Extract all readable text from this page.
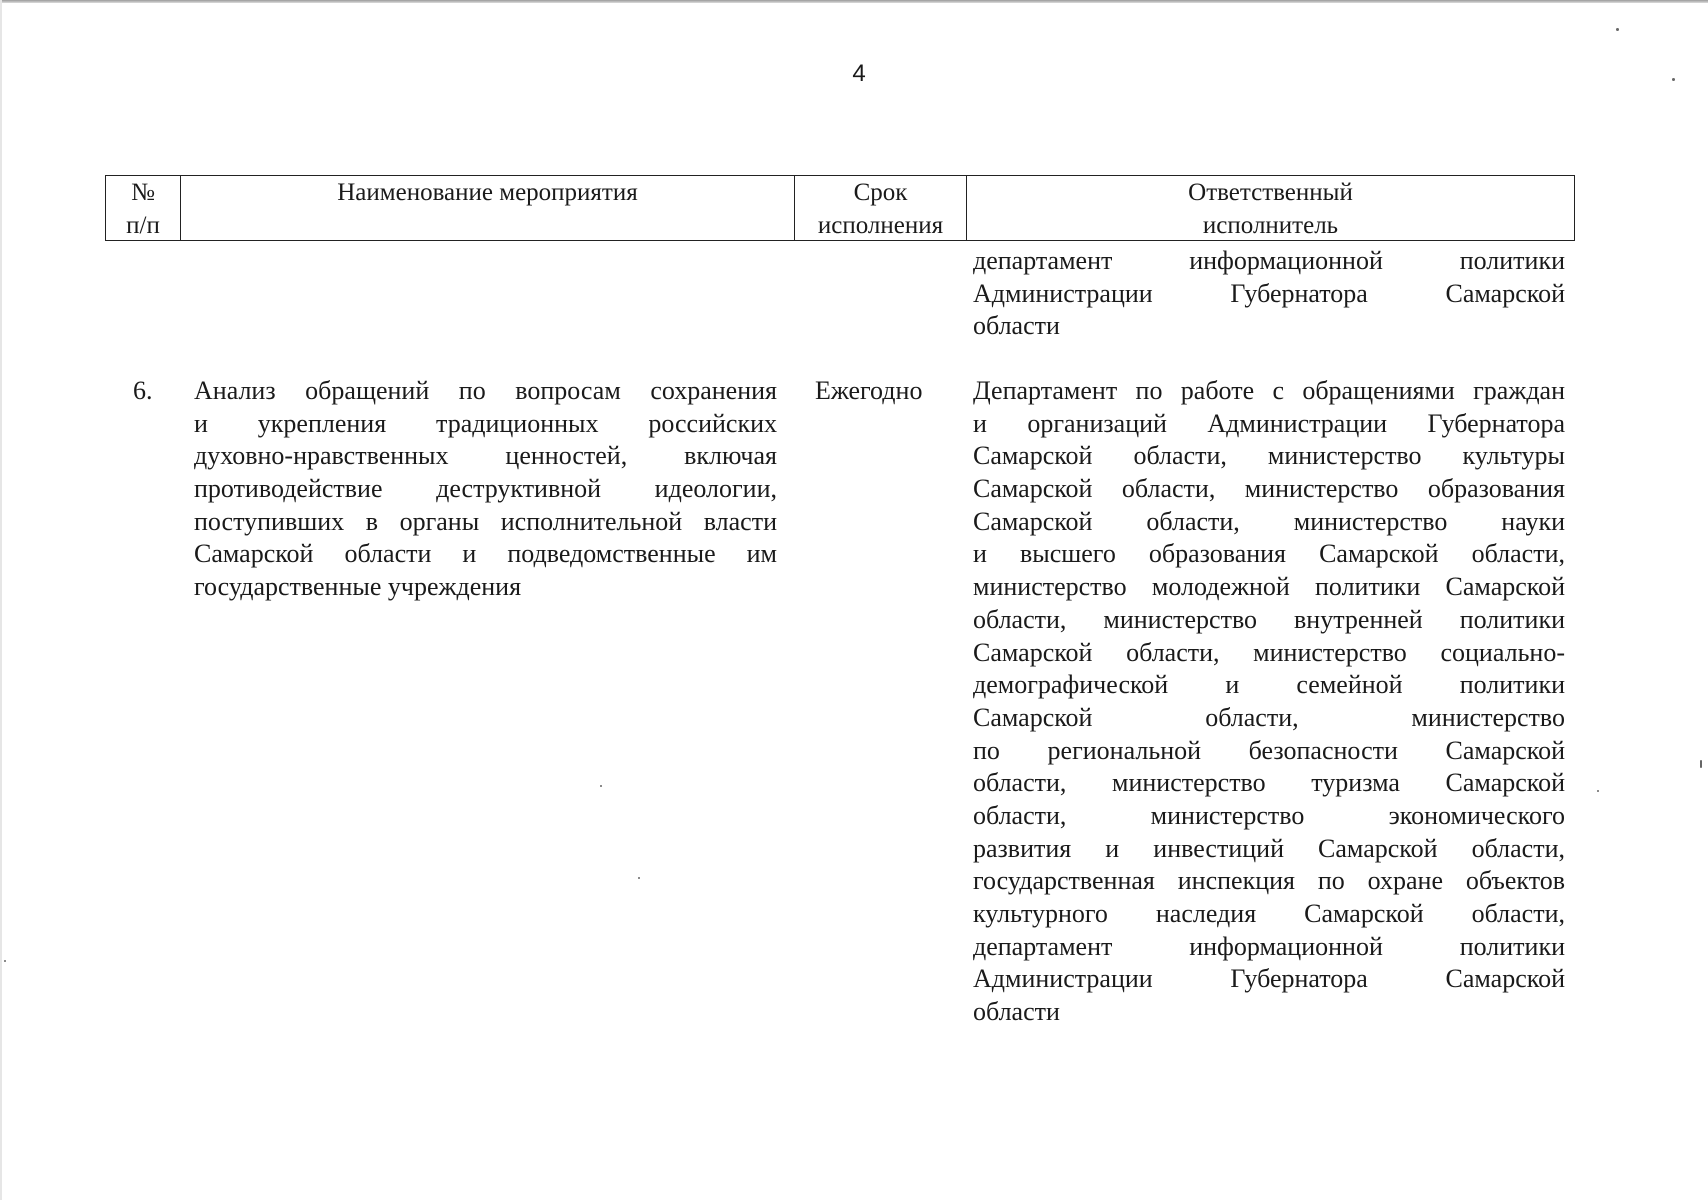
4
№
п/п
Наименование мероприятия	Срок
исполнения
Ответственный
исполнитель
департамент информационной политики
Администрации Губернатора Самарской
области
6. Анализ обращений по вопросам сохранения
и укрепления традиционных российских
духовно-нравственных ценностей, включая
противодействие деструктивной идеологии,
поступивших в органы исполнительной власти
Самарской области и подведомственные им
государственные учреждения
Ежегодно Департамент по работе с обращениями граждан
и организаций Администрации Губернатора
Самарской области, министерство культуры
Самарской области, министерство образования
Самарской области, министерство науки
и высшего образования Самарской области,
министерство молодежной политики Самарской
области, министерство внутренней политики
Самарской области, министерство социально-
демографической и семейной политики
Самарской области, министерство
по региональной безопасности Самарской
области, министерство туризма Самарской
области, министерство экономического
развития и инвестиций Самарской области,
государственная инспекция по охране объектов
культурного наследия Самарской области,
департамент информационной политики
Администрации Губернатора Самарской
области
